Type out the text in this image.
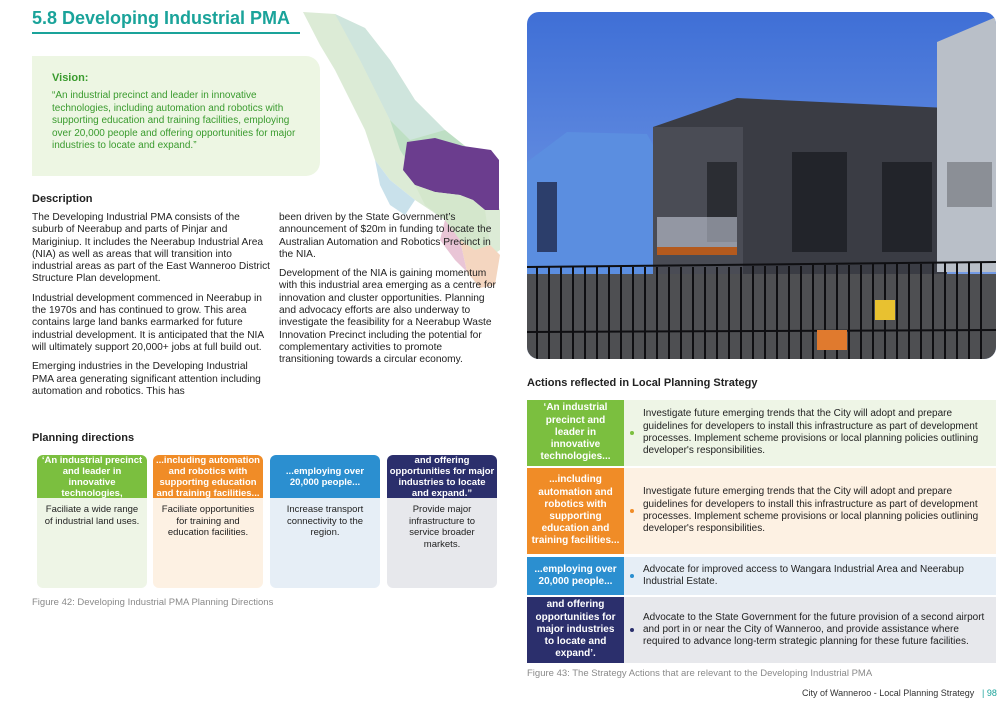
5.8 Developing Industrial PMA
Vision:
“An industrial precinct and leader in innovative technologies, including automation and robotics with supporting education and training facilities, employing over 20,000 people and offering opportunities for major industries to locate and expand.”
Description

The Developing Industrial PMA consists of the suburb of Neerabup and parts of Pinjar and Mariginiup. It includes the Neerabup Industrial Area (NIA) as well as areas that will transition into industrial areas as part of the East Wanneroo District Structure Plan development.

Industrial development commenced in Neerabup in the 1970s and has continued to grow. This area contains large land banks earmarked for future industrial development. It is anticipated that the NIA will ultimately support 20,000+ jobs at full build out.

Emerging industries in the Developing Industrial PMA area generating significant attention including automation and robotics. This has

been driven by the State Government’s announcement of $20m in funding to locate the Australian Automation and Robotics Precinct in the NIA.

Development of the NIA is gaining momentum with this industrial area emerging as a centre for innovation and cluster opportunities. Planning and advocacy efforts are also underway to investigate the feasibility for a Neerabup Waste Innovation Precinct including the potential for complementary activities to promote transitioning towards a circular economy.

Planning directions
‘An industrial precinct and leader in innovative technologies,
Faciliate a wide range of industrial land uses.
...including automation and robotics with supporting education and training facilities...
Faciliate opportunities for training and education facilities.
...employing over 20,000 people...
Increase transport connectivity to the region.
and offering opportunities for major industries to locate and expand.”
Provide major infrastructure to service broader markets.
Figure 42: Developing Industrial PMA Planning Directions
Actions reflected in Local Planning Strategy
‘An industrial precinct and leader in innovative technologies...
Investigate future emerging trends that the City will adopt and prepare guidelines for developers to install this infrastructure as part of development processes. Implement scheme provisions or local planning policies outlining developer's responsibilities.
...including automation and robotics with supporting education and training facilities...
Investigate future emerging trends that the City will adopt and prepare guidelines for developers to install this infrastructure as part of development processes. Implement scheme provisions or local planning policies outlining developer's responsibilities.
...employing over 20,000 people...
Advocate for improved access to Wangara Industrial Area and Neerabup Industrial Estate.
and offering opportunities for major industries to locate and expand’.
Advocate to the State Government for the future provision of a second airport and port in or near the City of Wanneroo, and provide assistance where required to advance long-term strategic planning for these future facilities.
Figure 43: The Strategy Actions that are relevant to the Developing Industrial PMA
City of Wanneroo - Local Planning Strategy | 98
